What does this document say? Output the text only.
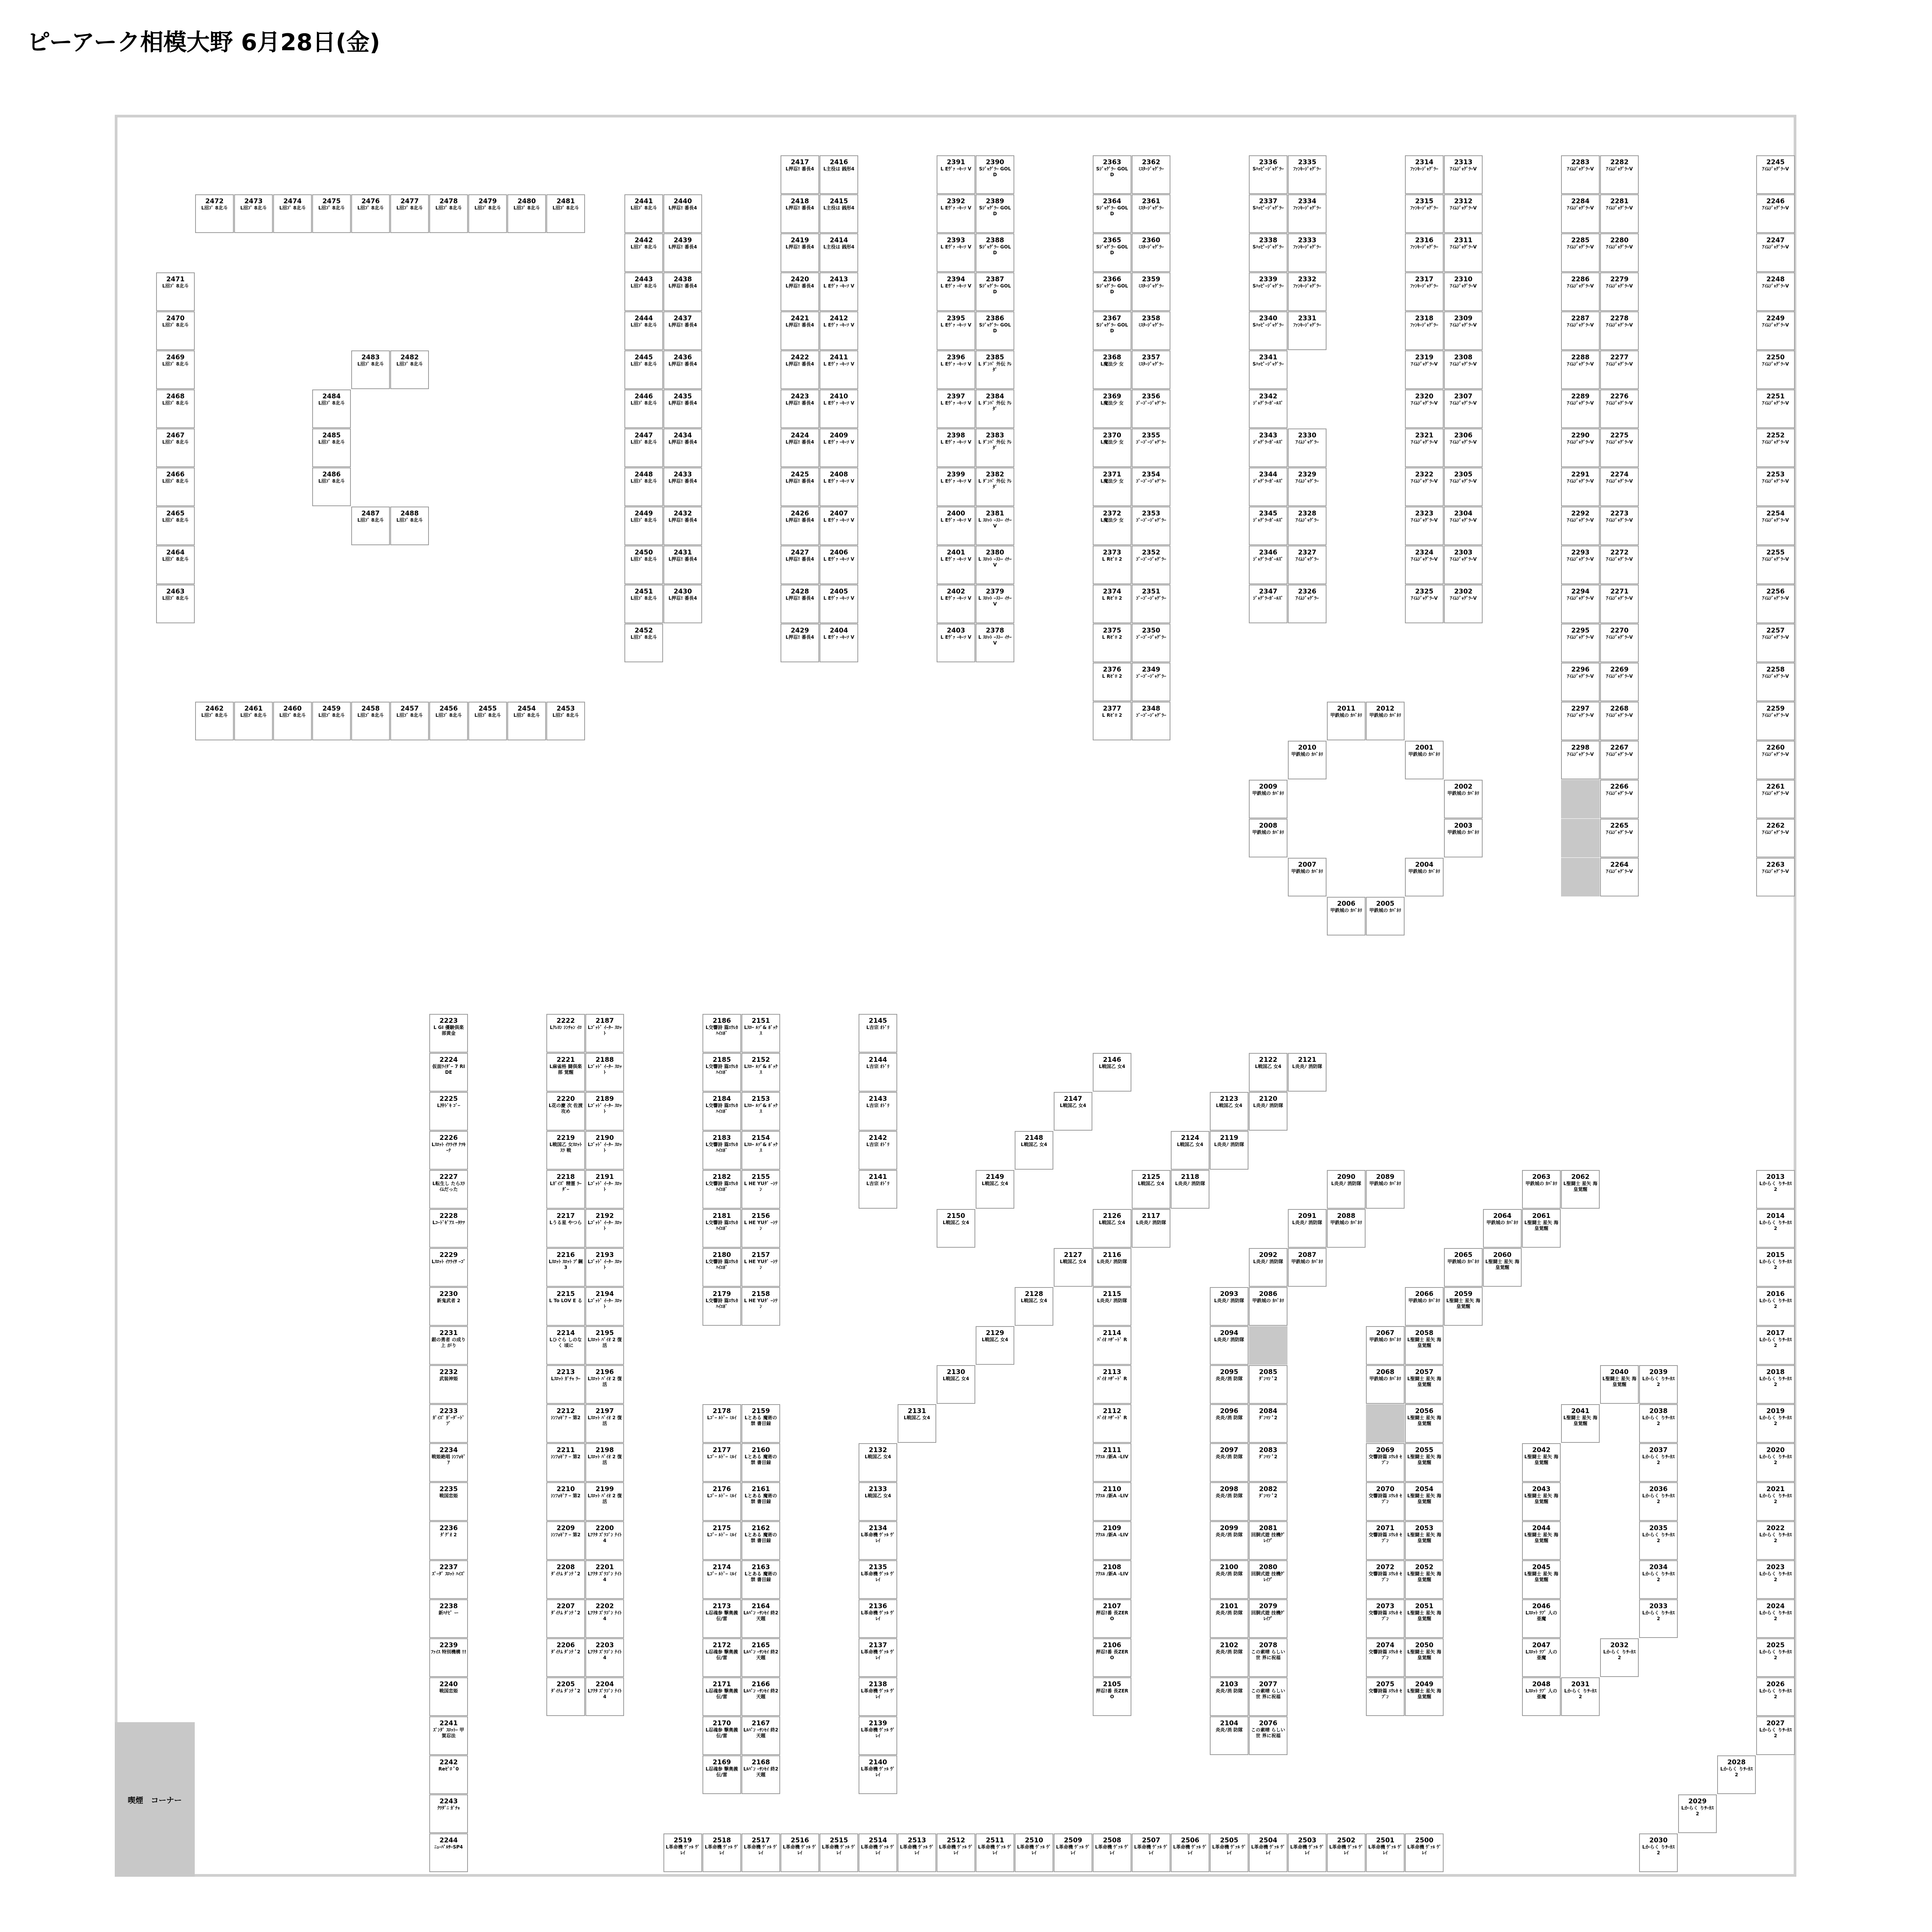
ピーアーク相模大野 6月28日(金)
2472
L沼ｺﾞ 8北斗
2473
L沼ｺﾞ 8北斗
2474
L沼ｺﾞ 8北斗
2475
L沼ｺﾞ 8北斗
2476
L沼ｺﾞ 8北斗
2477
L沼ｺﾞ 8北斗
2478
L沼ｺﾞ 8北斗
2479
L沼ｺﾞ 8北斗
2480
L沼ｺﾞ 8北斗
2481
L沼ｺﾞ 8北斗
2471
L沼ｺﾞ 8北斗
2470
L沼ｺﾞ 8北斗
2469
L沼ｺﾞ 8北斗
2468
L沼ｺﾞ 8北斗
2467
L沼ｺﾞ 8北斗
2466
L沼ｺﾞ 8北斗
2465
L沼ｺﾞ 8北斗
2464
L沼ｺﾞ 8北斗
2463
L沼ｺﾞ 8北斗
2483
L沼ｺﾞ 8北斗
2482
L沼ｺﾞ 8北斗
2484
L沼ｺﾞ 8北斗
2485
L沼ｺﾞ 8北斗
2486
L沼ｺﾞ 8北斗
2487
L沼ｺﾞ 8北斗
2488
L沼ｺﾞ 8北斗
2462
L沼ｺﾞ 8北斗
2461
L沼ｺﾞ 8北斗
2460
L沼ｺﾞ 8北斗
2459
L沼ｺﾞ 8北斗
2458
L沼ｺﾞ 8北斗
2457
L沼ｺﾞ 8北斗
2456
L沼ｺﾞ 8北斗
2455
L沼ｺﾞ 8北斗
2454
L沼ｺﾞ 8北斗
2453
L沼ｺﾞ 8北斗
2441
L沼ｺﾞ 8北斗
2442
L沼ｺﾞ 8北斗
2443
L沼ｺﾞ 8北斗
2444
L沼ｺﾞ 8北斗
2445
L沼ｺﾞ 8北斗
2446
L沼ｺﾞ 8北斗
2447
L沼ｺﾞ 8北斗
2448
L沼ｺﾞ 8北斗
2449
L沼ｺﾞ 8北斗
2450
L沼ｺﾞ 8北斗
2451
L沼ｺﾞ 8北斗
2452
L沼ｺﾞ 8北斗
2440
L押忍! 番長4
2439
L押忍! 番長4
2438
L押忍! 番長4
2437
L押忍! 番長4
2436
L押忍! 番長4
2435
L押忍! 番長4
2434
L押忍! 番長4
2433
L押忍! 番長4
2432
L押忍! 番長4
2431
L押忍! 番長4
2430
L押忍! 番長4
2417
L押忍! 番長4
2418
L押忍! 番長4
2419
L押忍! 番長4
2420
L押忍! 番長4
2421
L押忍! 番長4
2422
L押忍! 番長4
2423
L押忍! 番長4
2424
L押忍! 番長4
2425
L押忍! 番長4
2426
L押忍! 番長4
2427
L押忍! 番長4
2428
L押忍! 番長4
2429
L押忍! 番長4
2416
L主役は 銭形4
2415
L主役は 銭形4
2414
L主役は 銭形4
2413
L Eｳﾞｧ ｰｷｰｿ V
2412
L Eｳﾞｧ ｰｷｰｿ V
2411
L Eｳﾞｧ ｰｷｰｿ V
2410
L Eｳﾞｧ ｰｷｰｿ V
2409
L Eｳﾞｧ ｰｷｰｿ V
2408
L Eｳﾞｧ ｰｷｰｿ V
2407
L Eｳﾞｧ ｰｷｰｿ V
2406
L Eｳﾞｧ ｰｷｰｿ V
2405
L Eｳﾞｧ ｰｷｰｿ V
2404
L Eｳﾞｧ ｰｷｰｿ V
2391
L Eｳﾞｧ ｰｷｰｿ V
2392
L Eｳﾞｧ ｰｷｰｿ V
2393
L Eｳﾞｧ ｰｷｰｿ V
2394
L Eｳﾞｧ ｰｷｰｿ V
2395
L Eｳﾞｧ ｰｷｰｿ V
2396
L Eｳﾞｧ ｰｷｰｿ V
2397
L Eｳﾞｧ ｰｷｰｿ V
2398
L Eｳﾞｧ ｰｷｰｿ V
2399
L Eｳﾞｧ ｰｷｰｿ V
2400
L Eｳﾞｧ ｰｷｰｿ V
2401
L Eｳﾞｧ ｰｷｰｿ V
2402
L Eｳﾞｧ ｰｷｰｿ V
2403
L Eｳﾞｧ ｰｷｰｿ V
2390
Sｼﾞｬｸﾞﾗｰ GOLD
2389
Sｼﾞｬｸﾞﾗｰ GOLD
2388
Sｼﾞｬｸﾞﾗｰ GOLD
2387
Sｼﾞｬｸﾞﾗｰ GOLD
2386
Sｼﾞｬｸﾞﾗｰ GOLD
2385
L ﾀﾞﾝﾊﾞ 外伝 ｸﾚﾀﾞ
2384
L ﾀﾞﾝﾊﾞ 外伝 ｸﾚﾀﾞ
2383
L ﾀﾞﾝﾊﾞ 外伝 ｸﾚﾀﾞ
2382
L ﾀﾞﾝﾊﾞ 外伝 ｸﾚﾀﾞ
2381
L ｽﾛｯﾄ ｰｽﾄｰ ｲﾁｰV
2380
L ｽﾛｯﾄ ｰｽﾄｰ ｲﾁｰV
2379
L ｽﾛｯﾄ ｰｽﾄｰ ｲﾁｰV
2378
L ｽﾛｯﾄ ｰｽﾄｰ ｲﾁｰV
2363
Sｼﾞｬｸﾞﾗｰ GOLD
2364
Sｼﾞｬｸﾞﾗｰ GOLD
2365
Sｼﾞｬｸﾞﾗｰ GOLD
2366
Sｼﾞｬｸﾞﾗｰ GOLD
2367
Sｼﾞｬｸﾞﾗｰ GOLD
2368
L魔法少 女
2369
L魔法少 女
2370
L魔法少 女
2371
L魔法少 女
2372
L魔法少 女
2373
L Rｾﾞﾛ 2
2374
L Rｾﾞﾛ 2
2375
L Rｾﾞﾛ 2
2376
L Rｾﾞﾛ 2
2377
L Rｾﾞﾛ 2
2362
ﾐｽﾀｰｼﾞｬｸﾞﾗｰ
2361
ﾐｽﾀｰｼﾞｬｸﾞﾗｰ
2360
ﾐｽﾀｰｼﾞｬｸﾞﾗｰ
2359
ﾐｽﾀｰｼﾞｬｸﾞﾗｰ
2358
ﾐｽﾀｰｼﾞｬｸﾞﾗｰ
2357
ﾐｽﾀｰｼﾞｬｸﾞﾗｰ
2356
ｺﾞｰｺﾞｰｼﾞｬｸﾞﾗｰ
2355
ｺﾞｰｺﾞｰｼﾞｬｸﾞﾗｰ
2354
ｺﾞｰｺﾞｰｼﾞｬｸﾞﾗｰ
2353
ｺﾞｰｺﾞｰｼﾞｬｸﾞﾗｰ
2352
ｺﾞｰｺﾞｰｼﾞｬｸﾞﾗｰ
2351
ｺﾞｰｺﾞｰｼﾞｬｸﾞﾗｰ
2350
ｺﾞｰｺﾞｰｼﾞｬｸﾞﾗｰ
2349
ｺﾞｰｺﾞｰｼﾞｬｸﾞﾗｰ
2348
ｺﾞｰｺﾞｰｼﾞｬｸﾞﾗｰ
2336
Sﾊｯﾋﾟｰｼﾞｬｸﾞﾗｰ
2337
Sﾊｯﾋﾟｰｼﾞｬｸﾞﾗｰ
2338
Sﾊｯﾋﾟｰｼﾞｬｸﾞﾗｰ
2339
Sﾊｯﾋﾟｰｼﾞｬｸﾞﾗｰ
2340
Sﾊｯﾋﾟｰｼﾞｬｸﾞﾗｰ
2341
Sﾊｯﾋﾟｰｼﾞｬｸﾞﾗｰ
2342
ｼﾞｬｸﾞﾗｰｶﾞｰﾙｽﾞ
2343
ｼﾞｬｸﾞﾗｰｶﾞｰﾙｽﾞ
2344
ｼﾞｬｸﾞﾗｰｶﾞｰﾙｽﾞ
2345
ｼﾞｬｸﾞﾗｰｶﾞｰﾙｽﾞ
2346
ｼﾞｬｸﾞﾗｰｶﾞｰﾙｽﾞ
2347
ｼﾞｬｸﾞﾗｰｶﾞｰﾙｽﾞ
2335
ﾌｧﾝｷｰｼﾞｬｸﾞﾗｰ
2334
ﾌｧﾝｷｰｼﾞｬｸﾞﾗｰ
2333
ﾌｧﾝｷｰｼﾞｬｸﾞﾗｰ
2332
ﾌｧﾝｷｰｼﾞｬｸﾞﾗｰ
2331
ﾌｧﾝｷｰｼﾞｬｸﾞﾗｰ
2330
ｱｲﾑｼﾞｬｸﾞﾗｰ
2329
ｱｲﾑｼﾞｬｸﾞﾗｰ
2328
ｱｲﾑｼﾞｬｸﾞﾗｰ
2327
ｱｲﾑｼﾞｬｸﾞﾗｰ
2326
ｱｲﾑｼﾞｬｸﾞﾗｰ
2314
ﾌｧﾝｷｰｼﾞｬｸﾞﾗｰ
2315
ﾌｧﾝｷｰｼﾞｬｸﾞﾗｰ
2316
ﾌｧﾝｷｰｼﾞｬｸﾞﾗｰ
2317
ﾌｧﾝｷｰｼﾞｬｸﾞﾗｰ
2318
ﾌｧﾝｷｰｼﾞｬｸﾞﾗｰ
2319
ｱｲﾑｼﾞｬｸﾞﾗｰV
2320
ｱｲﾑｼﾞｬｸﾞﾗｰV
2321
ｱｲﾑｼﾞｬｸﾞﾗｰV
2322
ｱｲﾑｼﾞｬｸﾞﾗｰV
2323
ｱｲﾑｼﾞｬｸﾞﾗｰV
2324
ｱｲﾑｼﾞｬｸﾞﾗｰV
2325
ｱｲﾑｼﾞｬｸﾞﾗｰV
2313
ｱｲﾑｼﾞｬｸﾞﾗｰV
2312
ｱｲﾑｼﾞｬｸﾞﾗｰV
2311
ｱｲﾑｼﾞｬｸﾞﾗｰV
2310
ｱｲﾑｼﾞｬｸﾞﾗｰV
2309
ｱｲﾑｼﾞｬｸﾞﾗｰV
2308
ｱｲﾑｼﾞｬｸﾞﾗｰV
2307
ｱｲﾑｼﾞｬｸﾞﾗｰV
2306
ｱｲﾑｼﾞｬｸﾞﾗｰV
2305
ｱｲﾑｼﾞｬｸﾞﾗｰV
2304
ｱｲﾑｼﾞｬｸﾞﾗｰV
2303
ｱｲﾑｼﾞｬｸﾞﾗｰV
2302
ｱｲﾑｼﾞｬｸﾞﾗｰV
2283
ｱｲﾑｼﾞｬｸﾞﾗｰV
2284
ｱｲﾑｼﾞｬｸﾞﾗｰV
2285
ｱｲﾑｼﾞｬｸﾞﾗｰV
2286
ｱｲﾑｼﾞｬｸﾞﾗｰV
2287
ｱｲﾑｼﾞｬｸﾞﾗｰV
2288
ｱｲﾑｼﾞｬｸﾞﾗｰV
2289
ｱｲﾑｼﾞｬｸﾞﾗｰV
2290
ｱｲﾑｼﾞｬｸﾞﾗｰV
2291
ｱｲﾑｼﾞｬｸﾞﾗｰV
2292
ｱｲﾑｼﾞｬｸﾞﾗｰV
2293
ｱｲﾑｼﾞｬｸﾞﾗｰV
2294
ｱｲﾑｼﾞｬｸﾞﾗｰV
2295
ｱｲﾑｼﾞｬｸﾞﾗｰV
2296
ｱｲﾑｼﾞｬｸﾞﾗｰV
2297
ｱｲﾑｼﾞｬｸﾞﾗｰV
2298
ｱｲﾑｼﾞｬｸﾞﾗｰV
2282
ｱｲﾑｼﾞｬｸﾞﾗｰV
2281
ｱｲﾑｼﾞｬｸﾞﾗｰV
2280
ｱｲﾑｼﾞｬｸﾞﾗｰV
2279
ｱｲﾑｼﾞｬｸﾞﾗｰV
2278
ｱｲﾑｼﾞｬｸﾞﾗｰV
2277
ｱｲﾑｼﾞｬｸﾞﾗｰV
2276
ｱｲﾑｼﾞｬｸﾞﾗｰV
2275
ｱｲﾑｼﾞｬｸﾞﾗｰV
2274
ｱｲﾑｼﾞｬｸﾞﾗｰV
2273
ｱｲﾑｼﾞｬｸﾞﾗｰV
2272
ｱｲﾑｼﾞｬｸﾞﾗｰV
2271
ｱｲﾑｼﾞｬｸﾞﾗｰV
2270
ｱｲﾑｼﾞｬｸﾞﾗｰV
2269
ｱｲﾑｼﾞｬｸﾞﾗｰV
2268
ｱｲﾑｼﾞｬｸﾞﾗｰV
2267
ｱｲﾑｼﾞｬｸﾞﾗｰV
2266
ｱｲﾑｼﾞｬｸﾞﾗｰV
2265
ｱｲﾑｼﾞｬｸﾞﾗｰV
2264
ｱｲﾑｼﾞｬｸﾞﾗｰV
2245
ｱｲﾑｼﾞｬｸﾞﾗｰV
2246
ｱｲﾑｼﾞｬｸﾞﾗｰV
2247
ｱｲﾑｼﾞｬｸﾞﾗｰV
2248
ｱｲﾑｼﾞｬｸﾞﾗｰV
2249
ｱｲﾑｼﾞｬｸﾞﾗｰV
2250
ｱｲﾑｼﾞｬｸﾞﾗｰV
2251
ｱｲﾑｼﾞｬｸﾞﾗｰV
2252
ｱｲﾑｼﾞｬｸﾞﾗｰV
2253
ｱｲﾑｼﾞｬｸﾞﾗｰV
2254
ｱｲﾑｼﾞｬｸﾞﾗｰV
2255
ｱｲﾑｼﾞｬｸﾞﾗｰV
2256
ｱｲﾑｼﾞｬｸﾞﾗｰV
2257
ｱｲﾑｼﾞｬｸﾞﾗｰV
2258
ｱｲﾑｼﾞｬｸﾞﾗｰV
2259
ｱｲﾑｼﾞｬｸﾞﾗｰV
2260
ｱｲﾑｼﾞｬｸﾞﾗｰV
2261
ｱｲﾑｼﾞｬｸﾞﾗｰV
2262
ｱｲﾑｼﾞｬｸﾞﾗｰV
2263
ｱｲﾑｼﾞｬｸﾞﾗｰV
2011
甲鉄城の ｶﾊﾞﾈﾘ
2012
甲鉄城の ｶﾊﾞﾈﾘ
2010
甲鉄城の ｶﾊﾞﾈﾘ
2001
甲鉄城の ｶﾊﾞﾈﾘ
2009
甲鉄城の ｶﾊﾞﾈﾘ
2002
甲鉄城の ｶﾊﾞﾈﾘ
2008
甲鉄城の ｶﾊﾞﾈﾘ
2003
甲鉄城の ｶﾊﾞﾈﾘ
2007
甲鉄城の ｶﾊﾞﾈﾘ
2004
甲鉄城の ｶﾊﾞﾈﾘ
2006
甲鉄城の ｶﾊﾞﾈﾘ
2005
甲鉄城の ｶﾊﾞﾈﾘ
2223
L GI 優駿倶楽 部黄金
2224
仮面ﾗｲﾀﾞｰ 7 RIDE
2225
L沖ﾄﾞｷ ｺﾞｰ
2226
Lｽﾛｯﾄ ｲﾜﾗｲｻ ﾅﾂｷｰﾅ
2227
L転生し たらｽﾗ ｲﾑだった
2228
Lｺｰﾄﾞｷﾞｱｽ ｰﾀｹﾂ
2229
Lｽﾛｯﾄ ｲﾜﾗｲｻ ｰｺﾞ
2230
新鬼武者 2
2231
銀の勇者 の成り上 がり
2232
武装神姫
2233
ｶﾞｲｽﾞ ｶﾞｰﾀﾞｰﾄﾞﾌﾞ
2234
戦姫絶唱 ｼﾝﾌｫｷﾞｱ
2235
戦国恋姫
2236
ﾀﾞｸﾞｵ 2
2237
ｽﾞｰﾀﾞ ｽﾛｯﾄ ﾊｲｽﾞ
2238
新ﾊﾅﾋﾞ ー
2239
ﾌｧｲｽ 特別機構 !!
2240
戦国恋姫
2241
ｽﾞﾝﾀﾞ ｽﾛｯﾄｰ 甲賀忍法
2242
Reｾﾞﾛ ﾟ0
2243
ｸﾜﾀﾞﾆ ｶﾞﾁｬ
2244
ﾆｭｰﾊﾟﾙｻｰSP4
2222
Lｸﾚﾖﾝ ｼﾝﾁｬﾝ ｲﾛ
2221
L麻雀格 闘倶楽部 覚醒
2220
L花の慶 次 佐渡 攻め
2219
L戦国乙 女ｽﾛｯﾄ ｽﾗ 戦
2218
Lｶﾞｲｽﾞ 精霊 ﾗｰﾀﾞｰ
2217
Lうる星 やつら
2216
Lｽﾛｯﾄ ｽﾛｯﾄ ﾌﾟ鋼3
2215
L To LOV E る
2214
Lひぐら しのなく 頃に
2213
Lｽﾛｯﾄ ｶﾞﾁｬ ﾗｰ
2212
ｼﾝﾌｫｷﾞｱ ｰ 第2
2211
ｼﾝﾌｫｷﾞｱ ｰ 第2
2210
ｼﾝﾌｫｷﾞｱ ｰ 第2
2209
ｼﾝﾌｫｷﾞｱ ｰ 第2
2208
ﾀﾞｲﾅﾑ ﾀﾞﾝﾅ ﾟ2
2207
ﾀﾞｲﾅﾑ ﾀﾞﾝﾅ ﾟ2
2206
ﾀﾞｲﾅﾑ ﾀﾞﾝﾅ ﾟ2
2205
ﾀﾞｲﾅﾑ ﾀﾞﾝﾅ ﾟ2
2187
Lｺﾞｯﾄﾞ ｲｰﾀｰ ｽﾛｯﾄ
2188
Lｺﾞｯﾄﾞ ｲｰﾀｰ ｽﾛｯﾄ
2189
Lｺﾞｯﾄﾞ ｲｰﾀｰ ｽﾛｯﾄ
2190
Lｺﾞｯﾄﾞ ｲｰﾀｰ ｽﾛｯﾄ
2191
Lｺﾞｯﾄﾞ ｲｰﾀｰ ｽﾛｯﾄ
2192
Lｺﾞｯﾄﾞ ｲｰﾀｰ ｽﾛｯﾄ
2193
Lｺﾞｯﾄﾞ ｲｰﾀｰ ｽﾛｯﾄ
2194
Lｺﾞｯﾄﾞ ｲｰﾀｰ ｽﾛｯﾄ
2195
Lｽﾛｯﾄ ﾊﾞｲｵ 2 復活
2196
Lｽﾛｯﾄ ﾊﾞｲｵ 2 復活
2197
Lｽﾛｯﾄ ﾊﾞｲｵ 2 復活
2198
Lｽﾛｯﾄ ﾊﾞｲｵ 2 復活
2199
Lｽﾛｯﾄ ﾊﾞｲｵ 2 復活
2200
Lｱｸﾀ ｽﾞﾗｺﾞﾝ ﾅｲﾄ4
2201
Lｱｸﾀ ｽﾞﾗｺﾞﾝ ﾅｲﾄ4
2202
Lｱｸﾀ ｽﾞﾗｺﾞﾝ ﾅｲﾄ4
2203
Lｱｸﾀ ｽﾞﾗｺﾞﾝ ﾅｲﾄ4
2204
Lｱｸﾀ ｽﾞﾗｺﾞﾝ ﾅｲﾄ4
2186
L交響詩 篇ｴｳﾚｶ ﾊｲｴﾎﾞ
2185
L交響詩 篇ｴｳﾚｶ ﾊｲｴﾎﾞ
2184
L交響詩 篇ｴｳﾚｶ ﾊｲｴﾎﾞ
2183
L交響詩 篇ｴｳﾚｶ ﾊｲｴﾎﾞ
2182
L交響詩 篇ｴｳﾚｶ ﾊｲｴﾎﾞ
2181
L交響詩 篇ｴｳﾚｶ ﾊｲｴﾎﾞ
2180
L交響詩 篇ｴｳﾚｶ ﾊｲｴﾎﾞ
2179
L交響詩 篇ｴｳﾚｶ ﾊｲｴﾎﾞ
2151
Lｽﾛｰ ﾙｿﾞ& ﾎﾞｯｸｽ
2152
Lｽﾛｰ ﾙｿﾞ& ﾎﾞｯｸｽ
2153
Lｽﾛｰ ﾙｿﾞ& ﾎﾞｯｸｽ
2154
Lｽﾛｰ ﾙｿﾞ& ﾎﾞｯｸｽ
2155
L HE YUﾀﾞ ｰｼﾃﾝ
2156
L HE YUﾀﾞ ｰｼﾃﾝ
2157
L HE YUﾀﾞ ｰｼﾃﾝ
2158
L HE YUﾀﾞ ｰｼﾃﾝ
2178
Lｺﾞｰ ﾙﾄﾞｰ ﾐﾙｲ
2177
Lｺﾞｰ ﾙﾄﾞｰ ﾐﾙｲ
2176
Lｺﾞｰ ﾙﾄﾞｰ ﾐﾙｲ
2175
Lｺﾞｰ ﾙﾄﾞｰ ﾐﾙｲ
2174
Lｺﾞｰ ﾙﾄﾞｰ ﾐﾙｲ
2173
L忍魂参 撃奥義 伝/雷
2172
L忍魂参 撃奥義 伝/雷
2171
L忍魂参 撃奥義 伝/雷
2170
L忍魂参 撃奥義 伝/雷
2169
L忍魂参 撃奥義 伝/雷
2159
Lとある 魔術の禁 書目録
2160
Lとある 魔術の禁 書目録
2161
Lとある 魔術の禁 書目録
2162
Lとある 魔術の禁 書目録
2163
Lとある 魔術の禁 書目録
2164
Lﾙﾊﾟﾝ ｰｻﾝｾｲ 終2天題
2165
Lﾙﾊﾟﾝ ｰｻﾝｾｲ 終2天題
2166
Lﾙﾊﾟﾝ ｰｻﾝｾｲ 終2天題
2167
Lﾙﾊﾟﾝ ｰｻﾝｾｲ 終2天題
2168
Lﾙﾊﾟﾝ ｰｻﾝｾｲ 終2天題
2145
L吉宗 ｵﾄﾞﾘ
2144
L吉宗 ｵﾄﾞﾘ
2143
L吉宗 ｵﾄﾞﾘ
2142
L吉宗 ｵﾄﾞﾘ
2141
L吉宗 ｵﾄﾞﾘ
2132
L戦国乙 女4
2133
L戦国乙 女4
2134
L革命機 ｳﾞｧﾙ ｳﾞﾚｲ
2135
L革命機 ｳﾞｧﾙ ｳﾞﾚｲ
2136
L革命機 ｳﾞｧﾙ ｳﾞﾚｲ
2137
L革命機 ｳﾞｧﾙ ｳﾞﾚｲ
2138
L革命機 ｳﾞｧﾙ ｳﾞﾚｲ
2139
L革命機 ｳﾞｧﾙ ｳﾞﾚｲ
2140
L革命機 ｳﾞｧﾙ ｳﾞﾚｲ
2146
L戦国乙 女4
2147
L戦国乙 女4
2148
L戦国乙 女4
2149
L戦国乙 女4
2150
L戦国乙 女4
2127
L戦国乙 女4
2128
L戦国乙 女4
2129
L戦国乙 女4
2130
L戦国乙 女4
2131
L戦国乙 女4
2126
L戦国乙 女4
2125
L戦国乙 女4
2124
L戦国乙 女4
2123
L戦国乙 女4
2122
L戦国乙 女4
2121
L炎炎ﾉ 消防隊
2120
L炎炎ﾉ 消防隊
2119
L炎炎ﾉ 消防隊
2118
L炎炎ﾉ 消防隊
2117
L炎炎ﾉ 消防隊
2116
L炎炎ﾉ 消防隊
2115
L炎炎ﾉ 消防隊
2114
ﾊﾞｲｵ ﾊｻﾞｰﾄﾞ R
2113
ﾊﾞｲｵ ﾊｻﾞｰﾄﾞ R
2112
ﾊﾞｲｵ ﾊｻﾞｰﾄﾞ R
2111
ｱｸｴﾙ /新A -LIV
2110
ｱｸｴﾙ /新A -LIV
2109
ｱｸｴﾙ /新A -LIV
2108
ｱｸｴﾙ /新A -LIV
2107
押忍!番 長ZERO
2106
押忍!番 長ZERO
2105
押忍!番 長ZERO
2090
L炎炎ﾉ 消防隊
2091
L炎炎ﾉ 消防隊
2092
L炎炎ﾉ 消防隊
2093
L炎炎ﾉ 消防隊
2094
L炎炎ﾉ 消防隊
2095
炎炎ﾉ消 防隊
2096
炎炎ﾉ消 防隊
2097
炎炎ﾉ消 防隊
2098
炎炎ﾉ消 防隊
2099
炎炎ﾉ消 防隊
2100
炎炎ﾉ消 防隊
2101
炎炎ﾉ消 防隊
2102
炎炎ﾉ消 防隊
2103
炎炎ﾉ消 防隊
2104
炎炎ﾉ消 防隊
2089
甲鉄城の ｶﾊﾞﾈﾘ
2088
甲鉄城の ｶﾊﾞﾈﾘ
2087
甲鉄城の ｶﾊﾞﾈﾘ
2086
甲鉄城の ｶﾊﾞﾈﾘ
2085
ﾀﾞﾝﾏｼ ﾟ2
2084
ﾀﾞﾝﾏｼ ﾟ2
2083
ﾀﾞﾝﾏｼ ﾟ2
2082
ﾀﾞﾝﾏｼ ﾟ2
2081
回胴式遊 技機ｸﾞﾚｲﾌﾟ
2080
回胴式遊 技機ｸﾞﾚｲﾌﾟ
2079
回胴式遊 技機ｸﾞﾚｲﾌﾟ
2078
この素晴 らしい世 界に祝福
2077
この素晴 らしい世 界に祝福
2076
この素晴 らしい世 界に祝福
2066
甲鉄城の ｶﾊﾞﾈﾘ
2067
甲鉄城の ｶﾊﾞﾈﾘ
2068
甲鉄城の ｶﾊﾞﾈﾘ
2069
交響詩篇 ｴｳﾚｶ ｾﾌﾞﾝ
2070
交響詩篇 ｴｳﾚｶ ｾﾌﾞﾝ
2071
交響詩篇 ｴｳﾚｶ ｾﾌﾞﾝ
2072
交響詩篇 ｴｳﾚｶ ｾﾌﾞﾝ
2073
交響詩篇 ｴｳﾚｶ ｾﾌﾞﾝ
2074
交響詩篇 ｴｳﾚｶ ｾﾌﾞﾝ
2075
交響詩篇 ｴｳﾚｶ ｾﾌﾞﾝ
2065
甲鉄城の ｶﾊﾞﾈﾘ
2064
甲鉄城の ｶﾊﾞﾈﾘ
2063
甲鉄城の ｶﾊﾞﾈﾘ
2062
L聖闘士 星矢 海 皇覚醒
2061
L聖闘士 星矢 海 皇覚醒
2060
L聖闘士 星矢 海 皇覚醒
2059
L聖闘士 星矢 海 皇覚醒
2058
L聖闘士 星矢 海 皇覚醒
2057
L聖闘士 星矢 海 皇覚醒
2056
L聖闘士 星矢 海 皇覚醒
2055
L聖闘士 星矢 海 皇覚醒
2054
L聖闘士 星矢 海 皇覚醒
2053
L聖闘士 星矢 海 皇覚醒
2052
L聖闘士 星矢 海 皇覚醒
2051
L聖闘士 星矢 海 皇覚醒
2050
L聖闘士 星矢 海 皇覚醒
2049
L聖闘士 星矢 海 皇覚醒
2040
L聖闘士 星矢 海 皇覚醒
2041
L聖闘士 星矢 海 皇覚醒
2042
L聖闘士 星矢 海 皇覚醒
2043
L聖闘士 星矢 海 皇覚醒
2044
L聖闘士 星矢 海 皇覚醒
2045
L聖闘士 星矢 海 皇覚醒
2046
Lｽﾛｯﾄ ﾗﾌﾞ 人の亜魔
2047
Lｽﾛｯﾄ ﾗﾌﾞ 人の亜魔
2048
Lｽﾛｯﾄ ﾗﾌﾞ 人の亜魔
2039
Lからく りｻｰｶｽ 2
2038
Lからく りｻｰｶｽ 2
2037
Lからく りｻｰｶｽ 2
2036
Lからく りｻｰｶｽ 2
2035
Lからく りｻｰｶｽ 2
2034
Lからく りｻｰｶｽ 2
2033
Lからく りｻｰｶｽ 2
2032
Lからく りｻｰｶｽ 2
2031
Lからく りｻｰｶｽ 2
2013
Lからく りｻｰｶｽ 2
2014
Lからく りｻｰｶｽ 2
2015
Lからく りｻｰｶｽ 2
2016
Lからく りｻｰｶｽ 2
2017
Lからく りｻｰｶｽ 2
2018
Lからく りｻｰｶｽ 2
2019
Lからく りｻｰｶｽ 2
2020
Lからく りｻｰｶｽ 2
2021
Lからく りｻｰｶｽ 2
2022
Lからく りｻｰｶｽ 2
2023
Lからく りｻｰｶｽ 2
2024
Lからく りｻｰｶｽ 2
2025
Lからく りｻｰｶｽ 2
2026
Lからく りｻｰｶｽ 2
2027
Lからく りｻｰｶｽ 2
2028
Lからく りｻｰｶｽ 2
2029
Lからく りｻｰｶｽ 2
2030
Lからく りｻｰｶｽ 2
2519
L革命機 ｳﾞｧﾙ ｳﾞﾚｲ
2518
L革命機 ｳﾞｧﾙ ｳﾞﾚｲ
2517
L革命機 ｳﾞｧﾙ ｳﾞﾚｲ
2516
L革命機 ｳﾞｧﾙ ｳﾞﾚｲ
2515
L革命機 ｳﾞｧﾙ ｳﾞﾚｲ
2514
L革命機 ｳﾞｧﾙ ｳﾞﾚｲ
2513
L革命機 ｳﾞｧﾙ ｳﾞﾚｲ
2512
L革命機 ｳﾞｧﾙ ｳﾞﾚｲ
2511
L革命機 ｳﾞｧﾙ ｳﾞﾚｲ
2510
L革命機 ｳﾞｧﾙ ｳﾞﾚｲ
2509
L革命機 ｳﾞｧﾙ ｳﾞﾚｲ
2508
L革命機 ｳﾞｧﾙ ｳﾞﾚｲ
2507
L革命機 ｳﾞｧﾙ ｳﾞﾚｲ
2506
L革命機 ｳﾞｧﾙ ｳﾞﾚｲ
2505
L革命機 ｳﾞｧﾙ ｳﾞﾚｲ
2504
L革命機 ｳﾞｧﾙ ｳﾞﾚｲ
2503
L革命機 ｳﾞｧﾙ ｳﾞﾚｲ
2502
L革命機 ｳﾞｧﾙ ｳﾞﾚｲ
2501
L革命機 ｳﾞｧﾙ ｳﾞﾚｲ
2500
L革命機 ｳﾞｧﾙ ｳﾞﾚｲ
喫煙　コーナー
